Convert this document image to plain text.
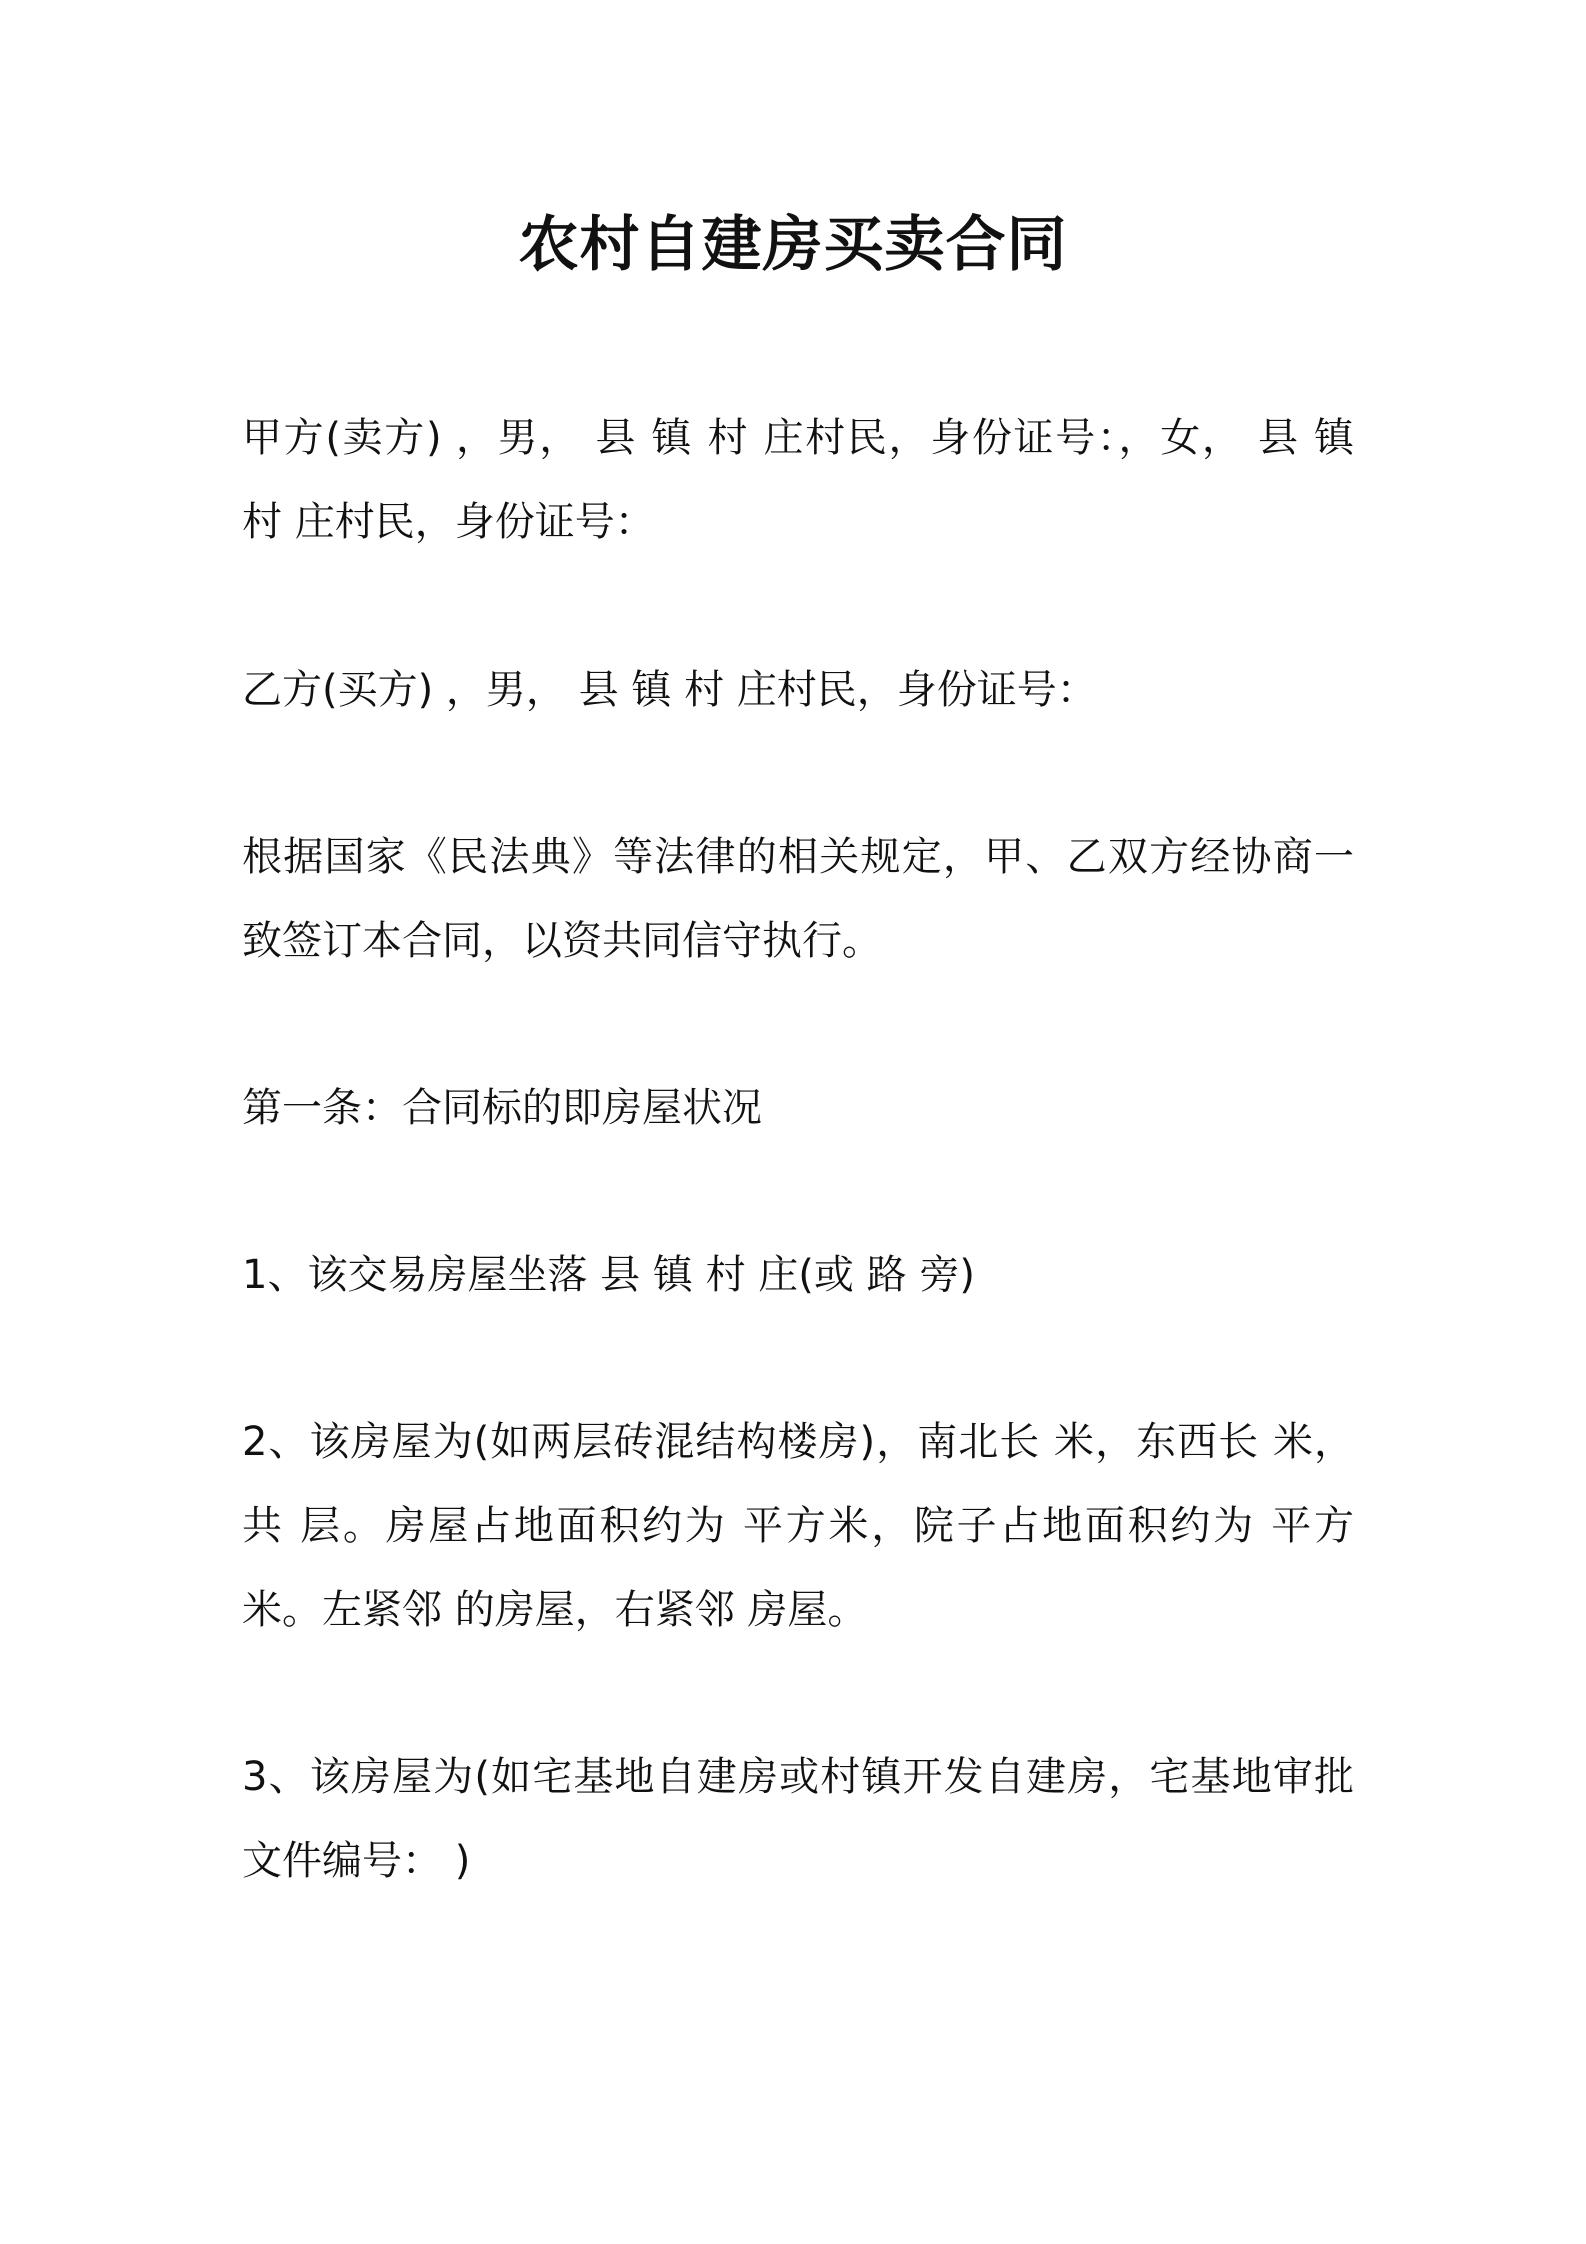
农村自建房买卖合同

甲方(卖方) ，男， 县 镇 村 庄村民，身份证号：，女， 县 镇 村 庄村民，身份证号：

乙方(买方) ，男， 县 镇 村 庄村民，身份证号：

根据国家《民法典》等法律的相关规定，甲、乙双方经协商一致签订本合同，以资共同信守执行。

第一条：合同标的即房屋状况

1、该交易房屋坐落 县 镇 村 庄(或 路 旁)

2、该房屋为(如两层砖混结构楼房)，南北长 米，东西长 米，共 层。房屋占地面积约为 平方米，院子占地面积约为 平方米。左紧邻 的房屋，右紧邻 房屋。

3、该房屋为(如宅基地自建房或村镇开发自建房，宅基地审批文件编号： )
